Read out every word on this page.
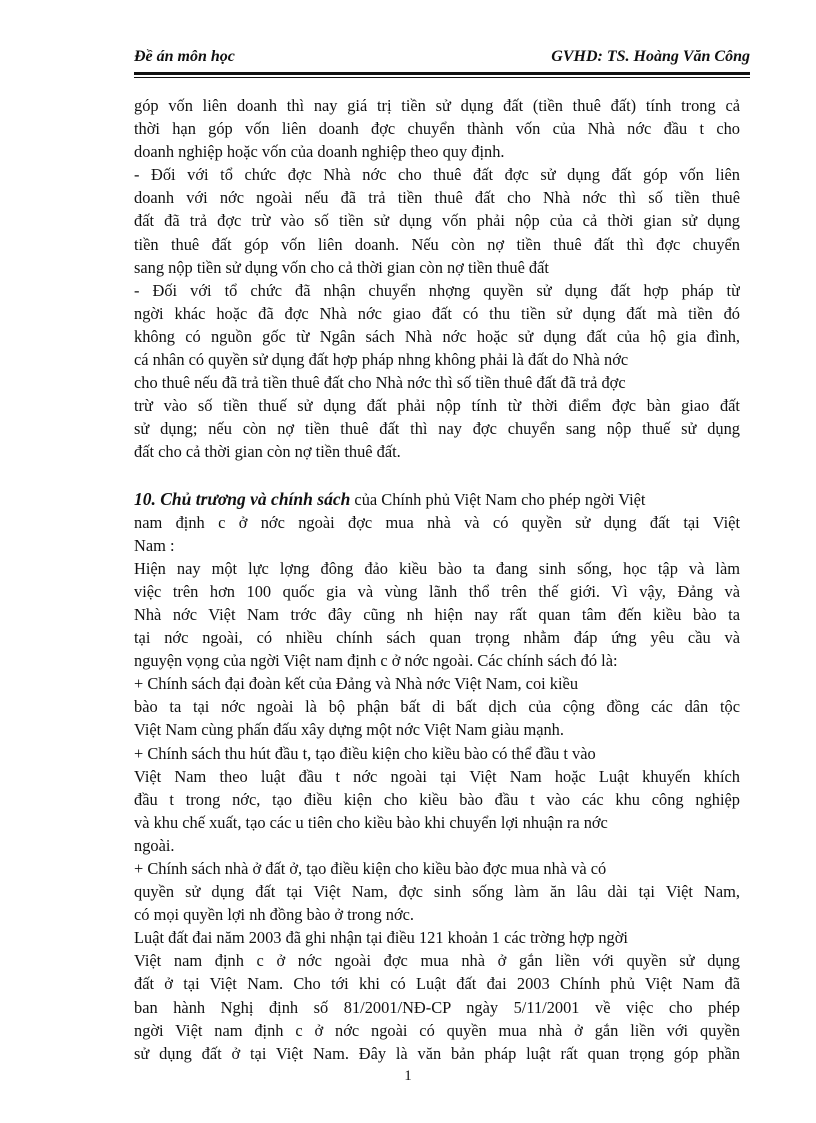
Đề án môn học	GVHD: TS. Hoàng Văn Công
góp vốn liên doanh thì nay giá trị tiền sử dụng đất (tiền thuê đất) tính trong cả
thời hạn góp vốn liên doanh đợc chuyển thành vốn của Nhà nớc đầu t cho
doanh nghiệp hoặc vốn của doanh nghiệp theo quy định.
- Đối với tổ chức đợc Nhà nớc cho thuê đất đợc sử dụng đất góp vốn liên
doanh với nớc ngoài nếu đã trả tiền thuê đất cho Nhà nớc thì số tiền thuê
đất đã trả đợc trừ vào số tiền sử dụng vốn phải nộp của cả thời gian sử dụng
tiền thuê đất góp vốn liên doanh. Nếu còn nợ tiền thuê đất thì đợc chuyển
sang nộp tiền sử dụng vốn cho cả thời gian còn nợ tiền thuê đất
- Đối với tổ chức đã nhận chuyển nhợng quyền sử dụng đất hợp pháp từ
ngời khác hoặc đã đợc Nhà nớc giao đất có thu tiền sử dụng đất mà tiền đó
không có nguồn gốc từ Ngân sách Nhà nớc hoặc sử dụng đất của hộ gia đình,
cá nhân có quyền sử dụng đất hợp pháp nhng không phải là đất do Nhà nớc
cho thuê nếu đã trả tiền thuê đất cho Nhà nớc thì số tiền thuê đất đã trả đợc
trừ vào số tiền thuế sử dụng đất phải nộp tính từ thời điểm đợc bàn giao đất
sử dụng; nếu còn nợ tiền thuê đất thì nay đợc chuyển sang nộp thuế sử dụng
đất cho cả thời gian còn nợ tiền thuê đất.
10. Chủ trương và chính sách của Chính phủ Việt Nam cho phép ngời Việt
nam định c ở nớc ngoài đợc mua nhà và có quyền sử dụng đất tại Việt
Nam :
Hiện nay một lực lợng đông đảo kiều bào ta đang sinh sống, học tập và làm
việc trên hơn 100 quốc gia và vùng lãnh thổ trên thế giới. Vì vậy, Đảng và
Nhà nớc Việt Nam trớc đây cũng nh hiện nay rất quan tâm đến kiều bào ta
tại nớc ngoài, có nhiều chính sách quan trọng nhằm đáp ứng yêu cầu và
nguyện vọng của ngời Việt nam định c ở nớc ngoài. Các chính sách đó là:
+ Chính sách đại đoàn kết của Đảng và Nhà nớc Việt Nam, coi kiều
bào ta tại nớc ngoài là bộ phận bất di bất dịch của cộng đồng các dân tộc
Việt Nam cùng phấn đấu xây dựng một nớc Việt Nam giàu mạnh.
+ Chính sách thu hút đầu t, tạo điều kiện cho kiều bào có thể đầu t vào
Việt Nam theo luật đầu t nớc ngoài tại Việt Nam hoặc Luật khuyến khích
đầu t trong nớc, tạo điều kiện cho kiều bào đầu t vào các khu công nghiệp
và khu chế xuất, tạo các u tiên cho kiều bào khi chuyển lợi nhuận ra nớc
ngoài.
+ Chính sách nhà ở đất ở, tạo điều kiện cho kiều bào đợc mua nhà và có
quyền sử dụng đất tại Việt Nam, đợc sinh sống làm ăn lâu dài tại Việt Nam,
có mọi quyền lợi nh đồng bào ở trong nớc.
Luật đất đai năm 2003 đã ghi nhận tại điều 121 khoản 1 các trờng hợp ngời
Việt nam định c ở nớc ngoài đợc mua nhà ở gắn liền với quyền sử dụng
đất ở tại Việt Nam. Cho tới khi có Luật đất đai 2003 Chính phủ Việt Nam đã
ban hành Nghị định số 81/2001/NĐ-CP ngày 5/11/2001 về việc cho phép
ngời Việt nam định c ở nớc ngoài có quyền mua nhà ở gắn liền với quyền
sử dụng đất ở tại Việt Nam. Đây là văn bản pháp luật rất quan trọng góp phần
1
